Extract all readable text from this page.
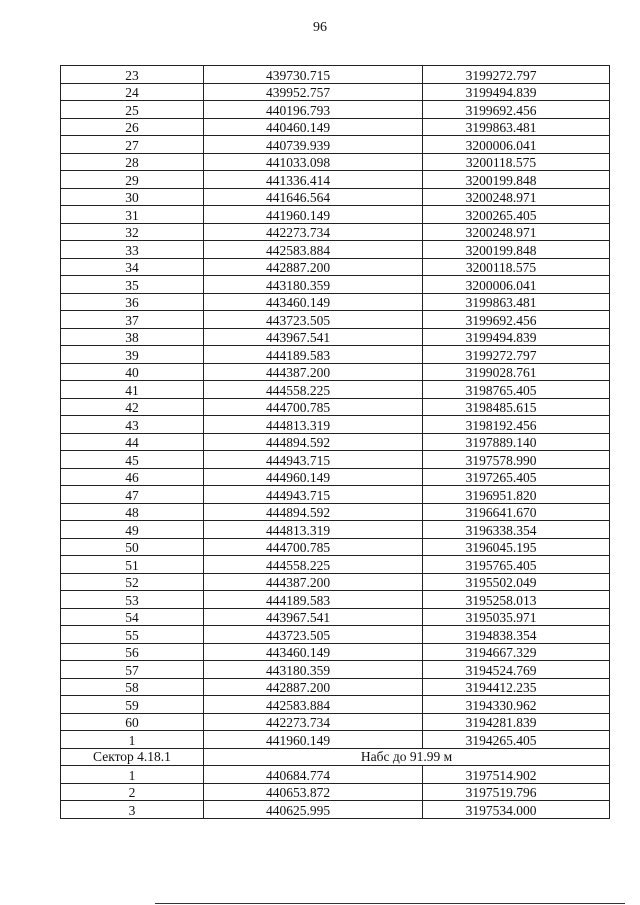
96
23	439730.715	3199272.797
24	439952.757	3199494.839
25	440196.793	3199692.456
26	440460.149	3199863.481
27	440739.939	3200006.041
28	441033.098	3200118.575
29	441336.414	3200199.848
30	441646.564	3200248.971
31	441960.149	3200265.405
32	442273.734	3200248.971
33	442583.884	3200199.848
34	442887.200	3200118.575
35	443180.359	3200006.041
36	443460.149	3199863.481
37	443723.505	3199692.456
38	443967.541	3199494.839
39	444189.583	3199272.797
40	444387.200	3199028.761
41	444558.225	3198765.405
42	444700.785	3198485.615
43	444813.319	3198192.456
44	444894.592	3197889.140
45	444943.715	3197578.990
46	444960.149	3197265.405
47	444943.715	3196951.820
48	444894.592	3196641.670
49	444813.319	3196338.354
50	444700.785	3196045.195
51	444558.225	3195765.405
52	444387.200	3195502.049
53	444189.583	3195258.013
54	443967.541	3195035.971
55	443723.505	3194838.354
56	443460.149	3194667.329
57	443180.359	3194524.769
58	442887.200	3194412.235
59	442583.884	3194330.962
60	442273.734	3194281.839
1	441960.149	3194265.405
Сектор 4.18.1	Набс до 91.99 м	
1	440684.774	3197514.902
2	440653.872	3197519.796
3	440625.995	3197534.000
